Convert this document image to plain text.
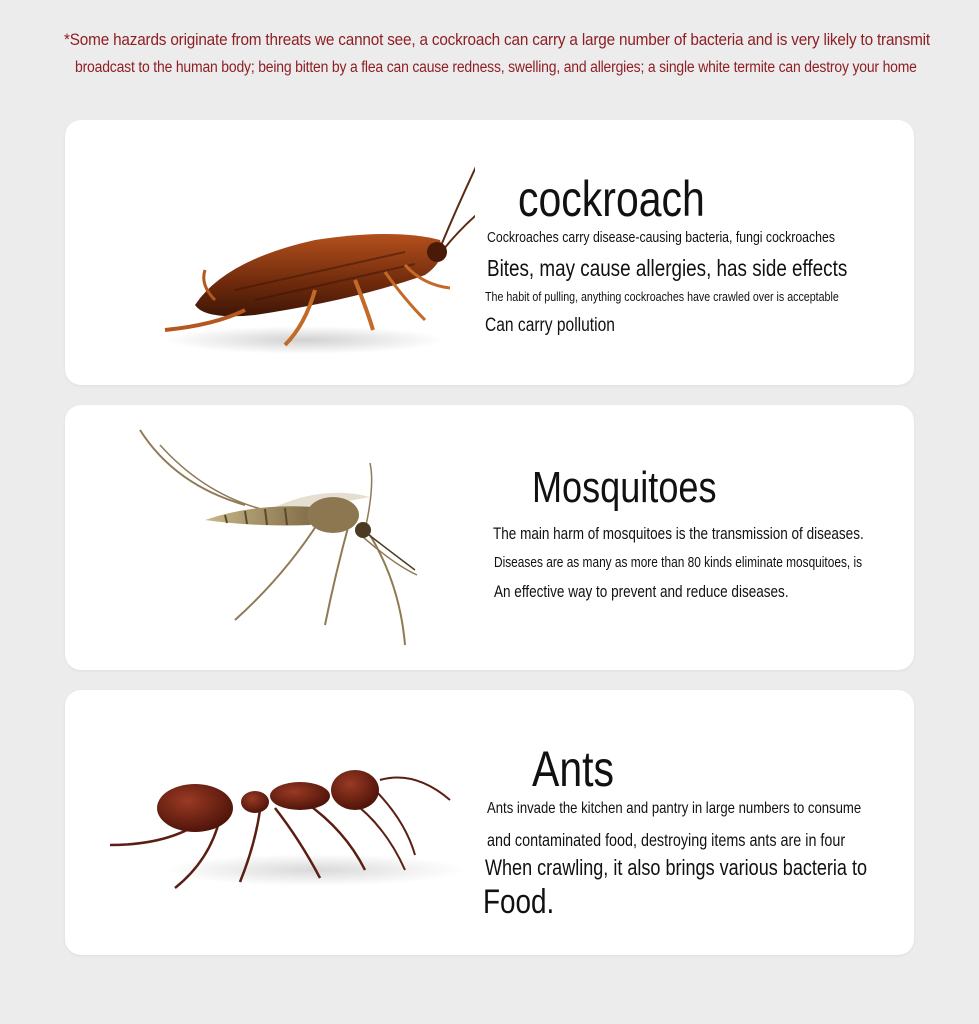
*Some hazards originate from threats we cannot see, a cockroach can carry a large number of bacteria and is very likely to transmit
broadcast to the human body; being bitten by a flea can cause redness, swelling, and allergies; a single white termite can destroy your home
cockroach
Cockroaches carry disease-causing bacteria, fungi cockroaches
Bites, may cause allergies, has side effects
The habit of pulling, anything cockroaches have crawled over is acceptable
Can carry pollution
Mosquitoes
The main harm of mosquitoes is the transmission of diseases.
Diseases are as many as more than 80 kinds eliminate mosquitoes, is
An effective way to prevent and reduce diseases.
Ants
Ants invade the kitchen and pantry in large numbers to consume
and contaminated food, destroying items ants are in four
When crawling, it also brings various bacteria to
Food.
